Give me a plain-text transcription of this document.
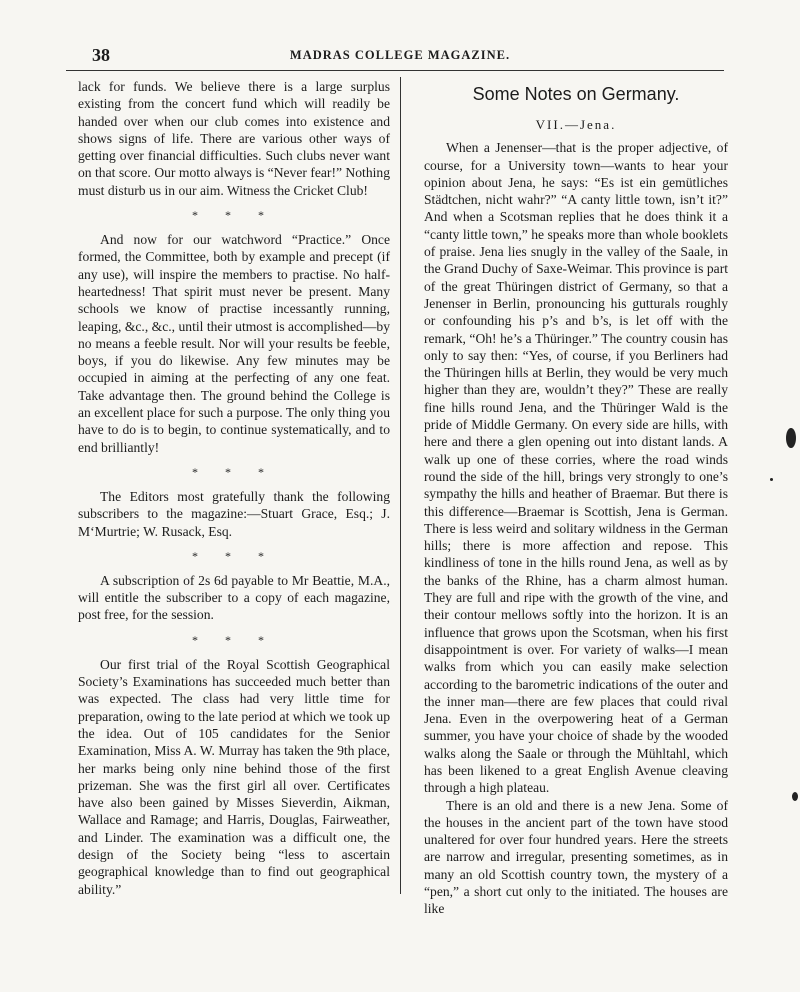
38	MADRAS COLLEGE MAGAZINE.

lack for funds. We believe there is a large surplus existing from the concert fund which will readily be handed over when our club comes into existence and shows signs of life. There are various other ways of getting over financial difficulties. Such clubs never want on that score. Our motto always is “Never fear!” Nothing must disturb us in our aim. Witness the Cricket Club!

* * *

And now for our watchword “Practice.” Once formed, the Committee, both by example and precept (if any use), will inspire the members to practise. No half-heartedness! That spirit must never be present. Many schools we know of practise incessantly running, leaping, &c., &c., until their utmost is accomplished—by no means a feeble result. Nor will your results be feeble, boys, if you do likewise. Any few minutes may be occupied in aiming at the perfecting of any one feat. Take advantage then. The ground behind the College is an excellent place for such a purpose. The only thing you have to do is to begin, to continue systematically, and to end brilliantly!

* * *

The Editors most gratefully thank the following subscribers to the magazine:—Stuart Grace, Esq.; J. M‘Murtrie; W. Rusack, Esq.

* * *

A subscription of 2s 6d payable to Mr Beattie, M.A., will entitle the subscriber to a copy of each magazine, post free, for the session.

* * *

Our first trial of the Royal Scottish Geographical Society’s Examinations has succeeded much better than was expected. The class had very little time for preparation, owing to the late period at which we took up the idea. Out of 105 candidates for the Senior Examination, Miss A. W. Murray has taken the 9th place, her marks being only nine behind those of the first prizeman. She was the first girl all over. Certificates have also been gained by Misses Sieverdin, Aikman, Wallace and Ramage; and Harris, Douglas, Fairweather, and Linder. The examination was a difficult one, the design of the Society being “less to ascertain geographical knowledge than to find out geographical ability.”

Some Notes on Germany.
VII.—Jena.

When a Jenenser—that is the proper adjective, of course, for a University town—wants to hear your opinion about Jena, he says: “Es ist ein gemütliches Städtchen, nicht wahr?” “A canty little town, isn’t it?” And when a Scotsman replies that he does think it a “canty little town,” he speaks more than whole booklets of praise. Jena lies snugly in the valley of the Saale, in the Grand Duchy of Saxe-Weimar. This province is part of the great Thüringen district of Germany, so that a Jenenser in Berlin, pronouncing his gutturals roughly or confounding his p’s and b’s, is let off with the remark, “Oh! he’s a Thüringer.” The country cousin has only to say then: “Yes, of course, if you Berliners had the Thüringen hills at Berlin, they would be very much higher than they are, wouldn’t they?” These are really fine hills round Jena, and the Thüringer Wald is the pride of Middle Germany. On every side are hills, with here and there a glen opening out into distant lands. A walk up one of these corries, where the road winds round the side of the hill, brings very strongly to one’s sympathy the hills and heather of Braemar. But there is this difference—Braemar is Scottish, Jena is German. There is less weird and solitary wildness in the German hills; there is more affection and repose. This kindliness of tone in the hills round Jena, as well as by the banks of the Rhine, has a charm almost human. They are full and ripe with the growth of the vine, and their contour mellows softly into the horizon. It is an influence that grows upon the Scotsman, when his first disappointment is over. For variety of walks—I mean walks from which you can easily make selection according to the barometric indications of the outer and the inner man—there are few places that could rival Jena. Even in the overpowering heat of a German summer, you have your choice of shade by the wooded walks along the Saale or through the Mühltahl, which has been likened to a great English Avenue cleaving through a high plateau.

There is an old and there is a new Jena. Some of the houses in the ancient part of the town have stood unaltered for over four hundred years. Here the streets are narrow and irregular, presenting sometimes, as in many an old Scottish country town, the mystery of a “pen,” a short cut only to the initiated. The houses are like
